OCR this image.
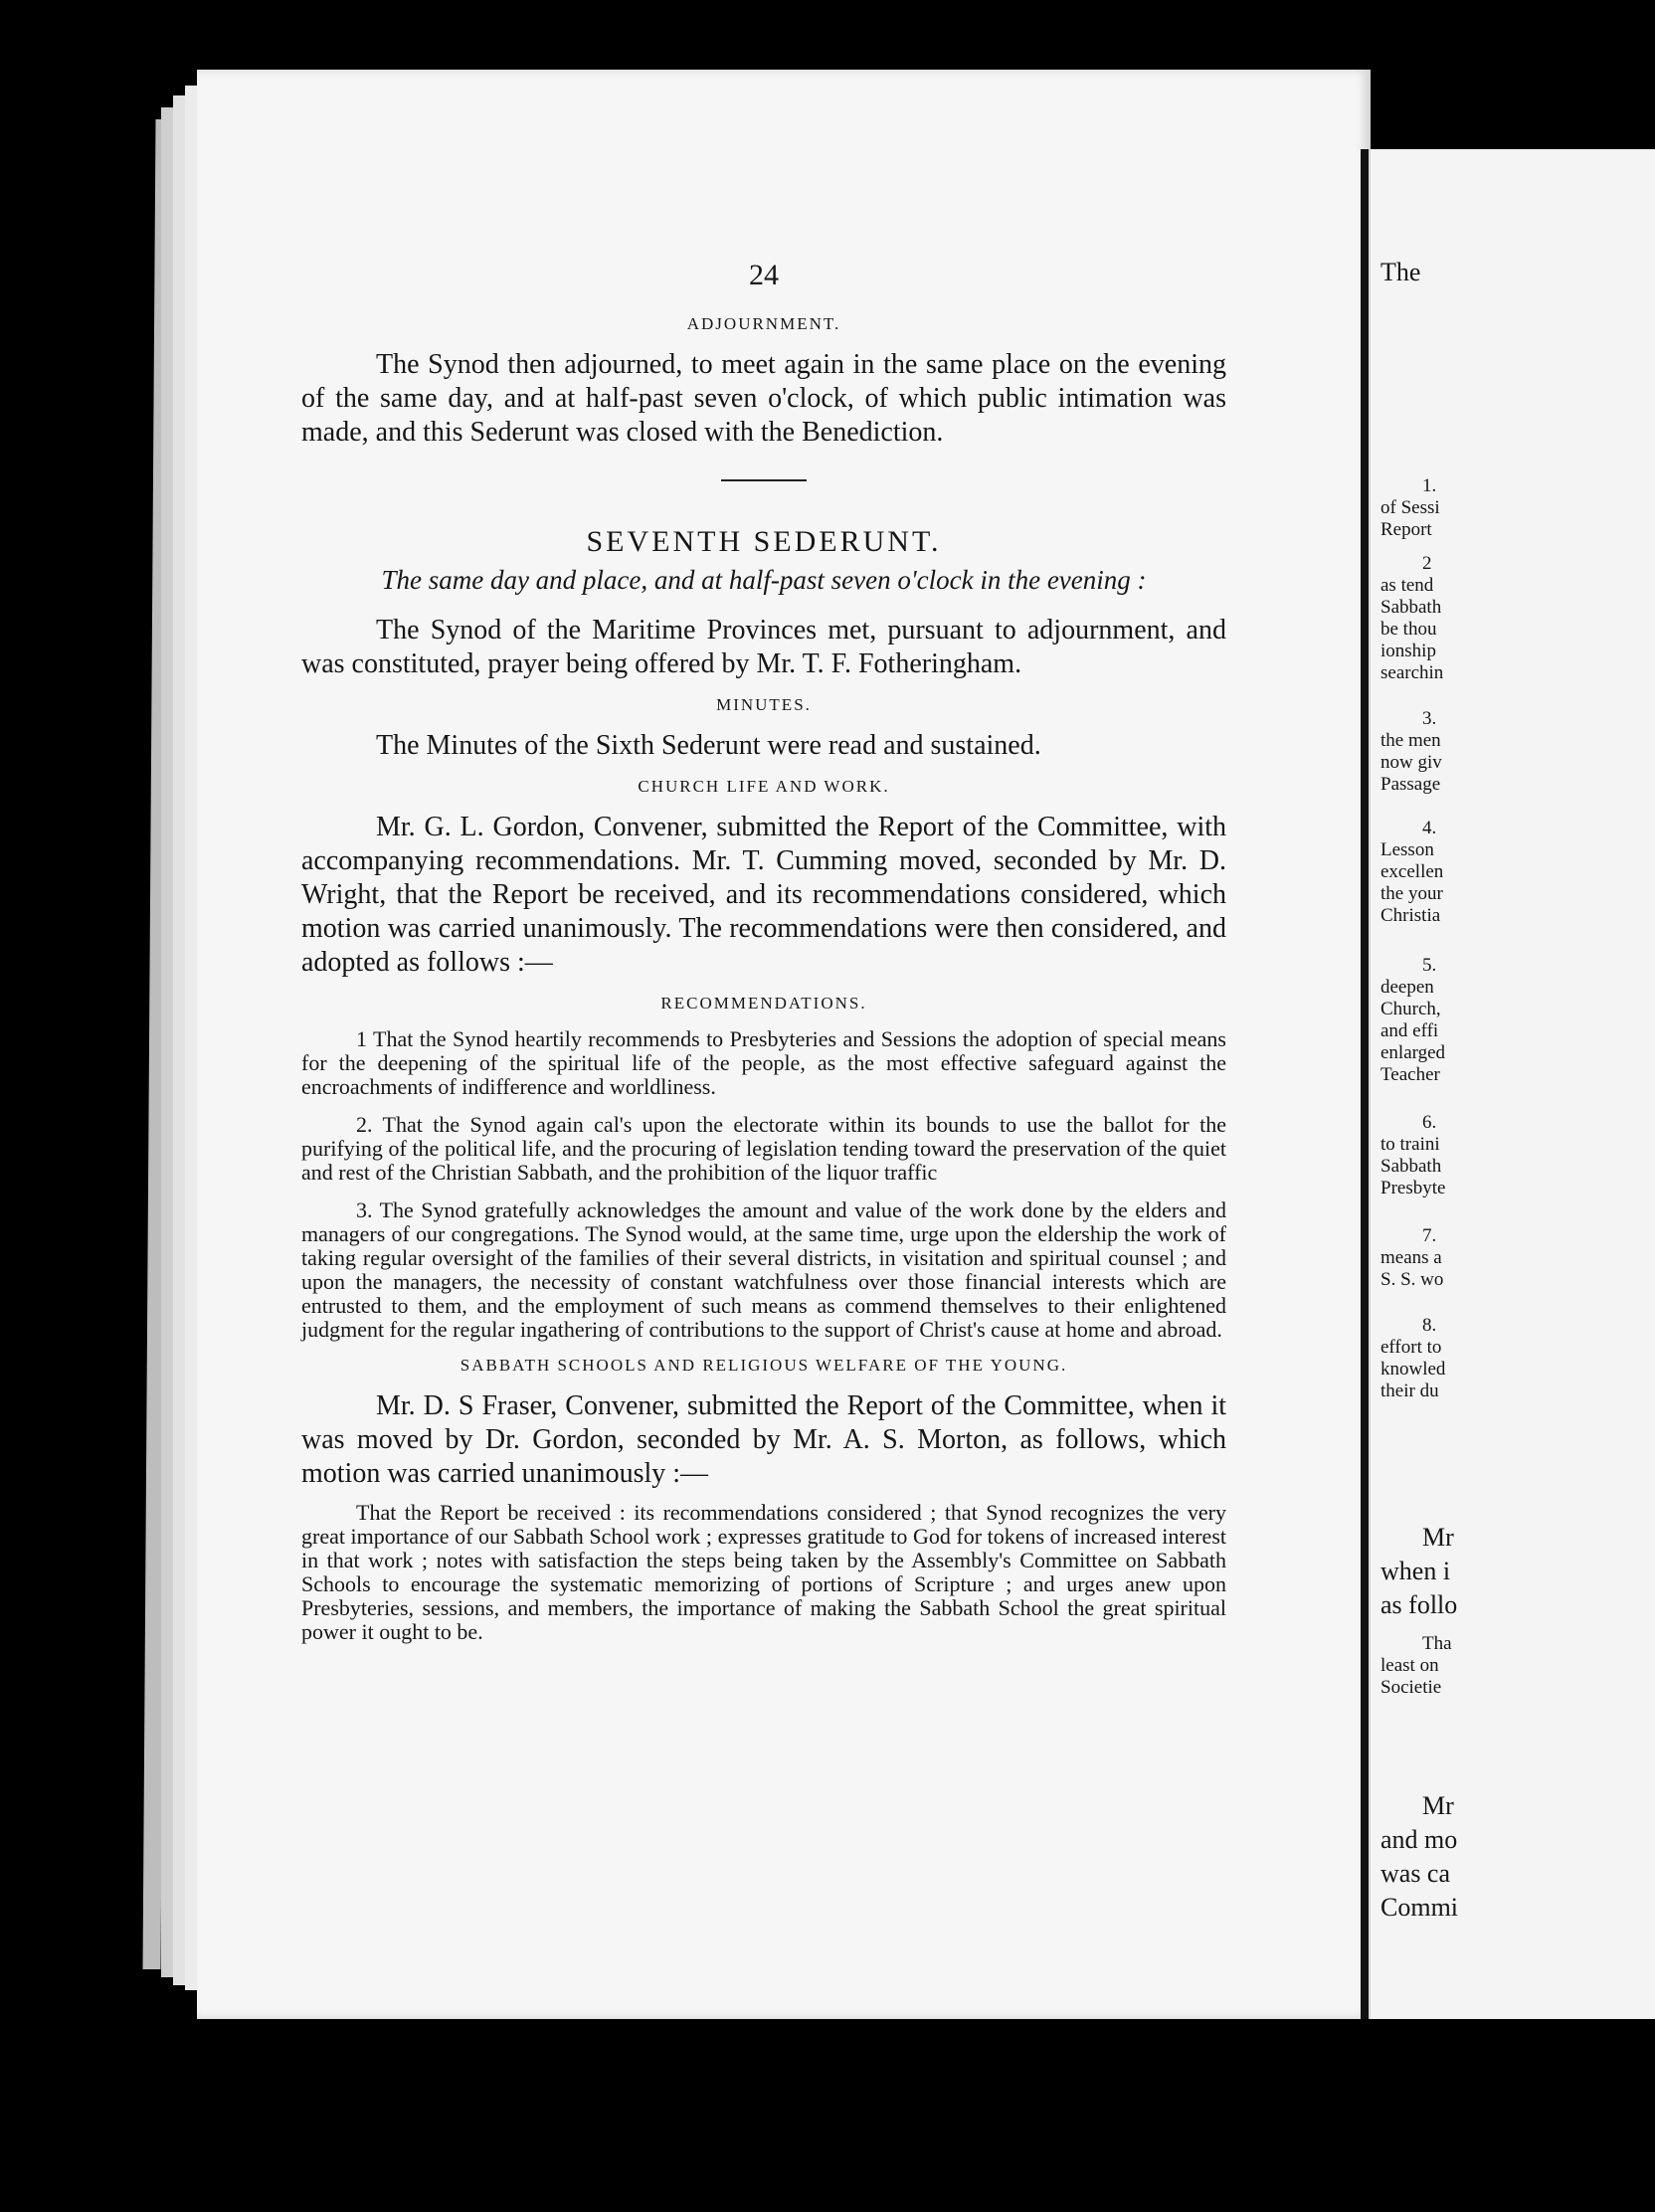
24
ADJOURNMENT.

The Synod then adjourned, to meet again in the same place on the evening of the same day, and at half-past seven o'clock, of which public intimation was made, and this Sederunt was closed with the Benediction.

SEVENTH SEDERUNT.
The same day and place, and at half-past seven o'clock in the evening :

The Synod of the Maritime Provinces met, pursuant to adjournment, and was constituted, prayer being offered by Mr. T. F. Fotheringham.

MINUTES.

The Minutes of the Sixth Sederunt were read and sustained.

CHURCH LIFE AND WORK.

Mr. G. L. Gordon, Convener, submitted the Report of the Committee, with accompanying recommendations. Mr. T. Cumming moved, seconded by Mr. D. Wright, that the Report be received, and its recommendations considered, which motion was carried unanimously. The recommendations were then considered, and adopted as follows :—

RECOMMENDATIONS.

1 That the Synod heartily recommends to Presbyteries and Sessions the adoption of special means for the deepening of the spiritual life of the people, as the most effective safeguard against the encroachments of indifference and worldliness.

2. That the Synod again cal's upon the electorate within its bounds to use the ballot for the purifying of the political life, and the procuring of legislation tending toward the preservation of the quiet and rest of the Christian Sabbath, and the prohibition of the liquor traffic

3. The Synod gratefully acknowledges the amount and value of the work done by the elders and managers of our congregations. The Synod would, at the same time, urge upon the eldership the work of taking regular oversight of the families of their several districts, in visitation and spiritual counsel ; and upon the managers, the necessity of constant watchfulness over those financial interests which are entrusted to them, and the employment of such means as commend themselves to their enlightened judgment for the regular ingathering of contributions to the support of Christ's cause at home and abroad.

SABBATH SCHOOLS AND RELIGIOUS WELFARE OF THE YOUNG.

Mr. D. S Fraser, Convener, submitted the Report of the Committee, when it was moved by Dr. Gordon, seconded by Mr. A. S. Morton, as follows, which motion was carried unanimously :—

That the Report be received : its recommendations considered ; that Synod recognizes the very great importance of our Sabbath School work ; expresses gratitude to God for tokens of increased interest in that work ; notes with satisfaction the steps being taken by the Assembly's Committee on Sabbath Schools to encourage the systematic memorizing of portions of Scripture ; and urges anew upon Presbyteries, sessions, and members, the importance of making the Sabbath School the great spiritual power it ought to be.

The
1.
of Sessi
Report
2
as tend
Sabbath
be thou
ionship
searchin
3.
the men
now giv
Passage
4.
Lesson
excellen
the your
Christia
5.
deepen
Church,
and effi
enlarged
Teacher
6.
to traini
Sabbath
Presbyte
7.
means a
S. S. wo
8.
effort to
knowled
their du
Mr
when i
as follo
Tha
least on
Societie
Mr
and mo
was ca
Commi
